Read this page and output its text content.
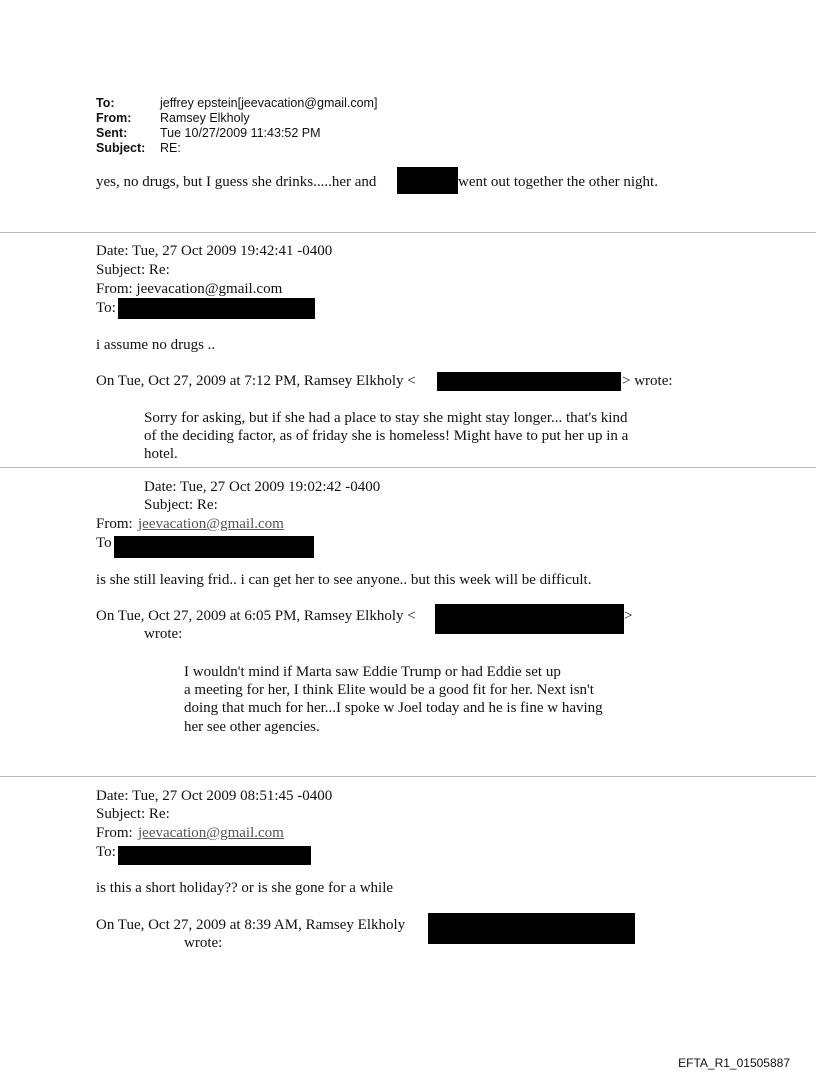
To:	jeffrey epstein[jeevacation@gmail.com]
From: Ramsey Elkholy
Sent:	Tue 10/27/2009 11:43:52 PM
Subject: RE:
yes, no drugs, but I guess she drinks.....her and	went out together the other night.
Date: Tue, 27 Oct 2009 19:42:41 -0400
Subject: Re:
From: jeevacation@gmail.com
To:
i assume no drugs ..
On Tue, Oct 27, 2009 at 7:12 PM, Ramsey Elkholy <	> wrote:
Sorry for asking, but if she had a place to stay she might stay longer... that's kind
of the deciding factor, as of friday she is homeless! Might have to put her up in a
hotel.
Date: Tue, 27 Oct 2009 19:02:42 -0400
Subject: Re:
From: jeevacation@gmail.com
To
is she still leaving frid.. i can get her to see anyone.. but this week will be difficult.
On Tue, Oct 27, 2009 at 6:05 PM, Ramsey Elkholy <	>
wrote:
I wouldn't mind if Marta saw Eddie Trump or had Eddie set up
a meeting for her, I think Elite would be a good fit for her. Next isn't
doing that much for her...I spoke w Joel today and he is fine w having
her see other agencies.
Date: Tue, 27 Oct 2009 08:51:45 -0400
Subject: Re:
From: jeevacation@gmail.com
To:
is this a short holiday?? or is she gone for a while
On Tue, Oct 27, 2009 at 8:39 AM, Ramsey Elkholy
wrote:
EFTA_R1_01505887
